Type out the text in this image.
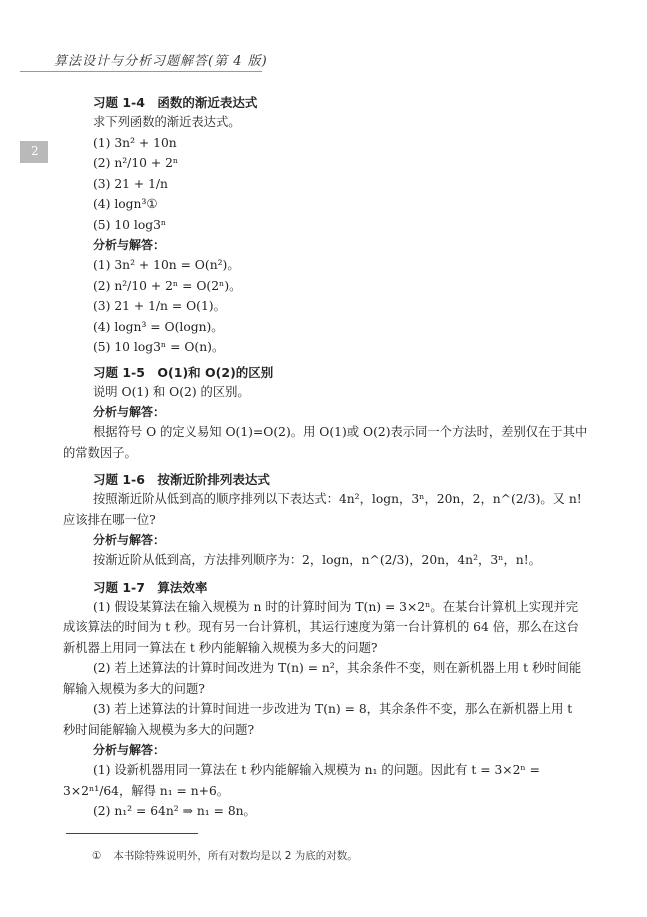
算法设计与分析习题解答(第 4 版)
2

习题 1-4　函数的渐近表达式

求下列函数的渐近表达式。

(1) 3n² + 10n

(2) n²/10 + 2ⁿ

(3) 21 + 1/n

(4) logn³①

(5) 10 log3ⁿ

分析与解答：

(1) 3n² + 10n = O(n²)。

(2) n²/10 + 2ⁿ = O(2ⁿ)。

(3) 21 + 1/n = O(1)。

(4) logn³ = O(logn)。

(5) 10 log3ⁿ = O(n)。

习题 1-5　O(1)和 O(2)的区别

说明 O(1) 和 O(2) 的区别。

分析与解答：

根据符号 O 的定义易知 O(1)=O(2)。用 O(1)或 O(2)表示同一个方法时，差别仅在于其中的常数因子。

习题 1-6　按渐近阶排列表达式

按照渐近阶从低到高的顺序排列以下表达式：4n²，logn，3ⁿ，20n，2，n^(2/3)。又 n! 应该排在哪一位?

分析与解答：

按渐近阶从低到高，方法排列顺序为：2，logn，n^(2/3)，20n，4n²，3ⁿ，n!。

习题 1-7　算法效率

(1) 假设某算法在输入规模为 n 时的计算时间为 T(n) = 3×2ⁿ。在某台计算机上实现并完成该算法的时间为 t 秒。现有另一台计算机，其运行速度为第一台计算机的 64 倍，那么在这台新机器上用同一算法在 t 秒内能解输入规模为多大的问题?

(2) 若上述算法的计算时间改进为 T(n) = n²，其余条件不变，则在新机器上用 t 秒时间能解输入规模为多大的问题?

(3) 若上述算法的计算时间进一步改进为 T(n) = 8，其余条件不变，那么在新机器上用 t 秒时间能解输入规模为多大的问题?

分析与解答：

(1) 设新机器用同一算法在 t 秒内能解输入规模为 n₁ 的问题。因此有 t = 3×2ⁿ = 3×2ⁿ¹/64，解得 n₁ = n+6。

(2) n₁² = 64n² ⇒ n₁ = 8n。

① 本书除特殊说明外，所有对数均是以 2 为底的对数。
